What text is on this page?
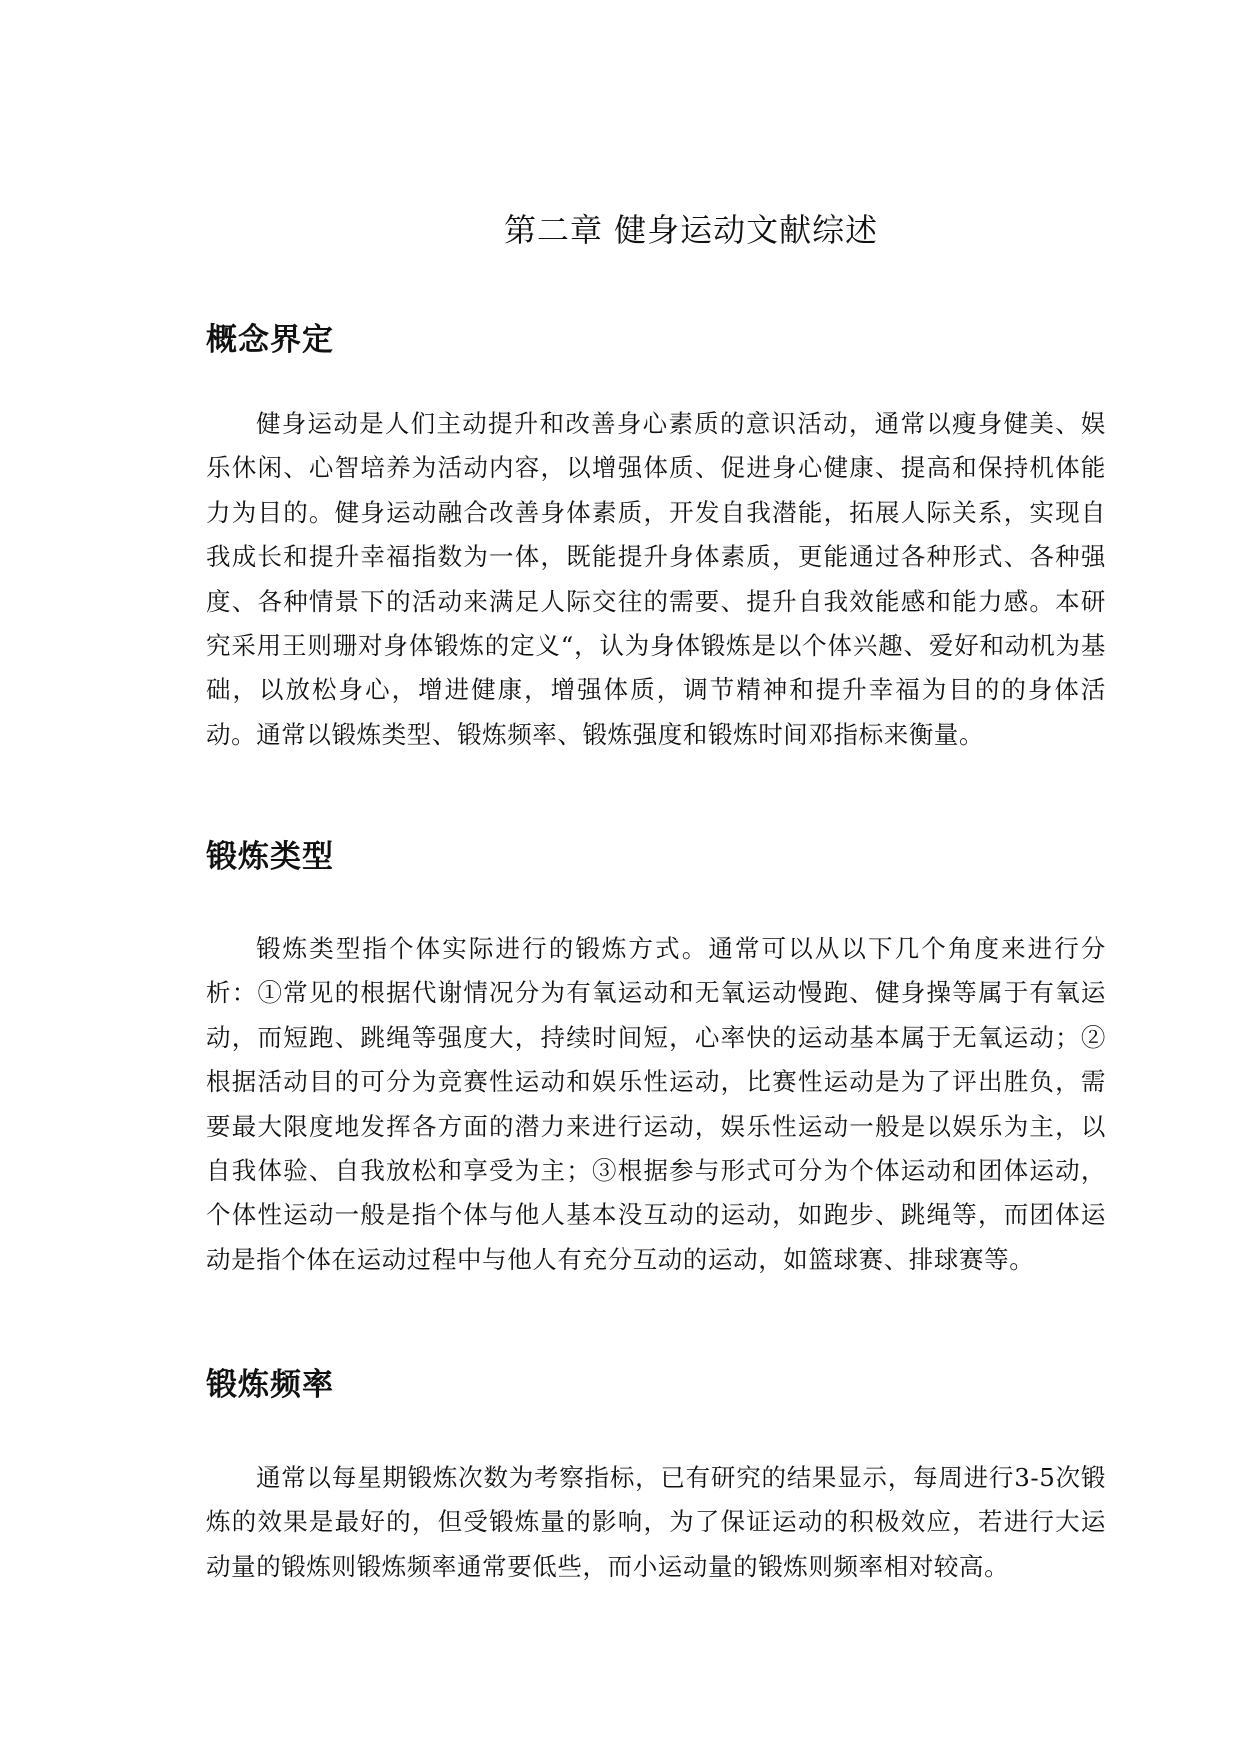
第二章 健身运动文献综述
概念界定

健身运动是人们主动提升和改善身心素质的意识活动，通常以瘦身健美、娱乐休闲、心智培养为活动内容，以增强体质、促进身心健康、提高和保持机体能力为目的。健身运动融合改善身体素质，开发自我潜能，拓展人际关系，实现自我成长和提升幸福指数为一体，既能提升身体素质，更能通过各种形式、各种强度、各种情景下的活动来满足人际交往的需要、提升自我效能感和能力感。本研究采用王则珊对身体锻炼的定义“，认为身体锻炼是以个体兴趣、爱好和动机为基础，以放松身心，增进健康，增强体质，调节精神和提升幸福为目的的身体活动。通常以锻炼类型、锻炼频率、锻炼强度和锻炼时间邓指标来衡量。

锻炼类型

锻炼类型指个体实际进行的锻炼方式。通常可以从以下几个角度来进行分析：①常见的根据代谢情况分为有氧运动和无氧运动慢跑、健身操等属于有氧运动，而短跑、跳绳等强度大，持续时间短，心率快的运动基本属于无氧运动；②根据活动目的可分为竞赛性运动和娱乐性运动，比赛性运动是为了评出胜负，需要最大限度地发挥各方面的潜力来进行运动，娱乐性运动一般是以娱乐为主，以自我体验、自我放松和享受为主；③根据参与形式可分为个体运动和团体运动，个体性运动一般是指个体与他人基本没互动的运动，如跑步、跳绳等，而团体运动是指个体在运动过程中与他人有充分互动的运动，如篮球赛、排球赛等。

锻炼频率

通常以每星期锻炼次数为考察指标，已有研究的结果显示，每周进行3-5次锻炼的效果是最好的，但受锻炼量的影响，为了保证运动的积极效应，若进行大运动量的锻炼则锻炼频率通常要低些，而小运动量的锻炼则频率相对较高。
